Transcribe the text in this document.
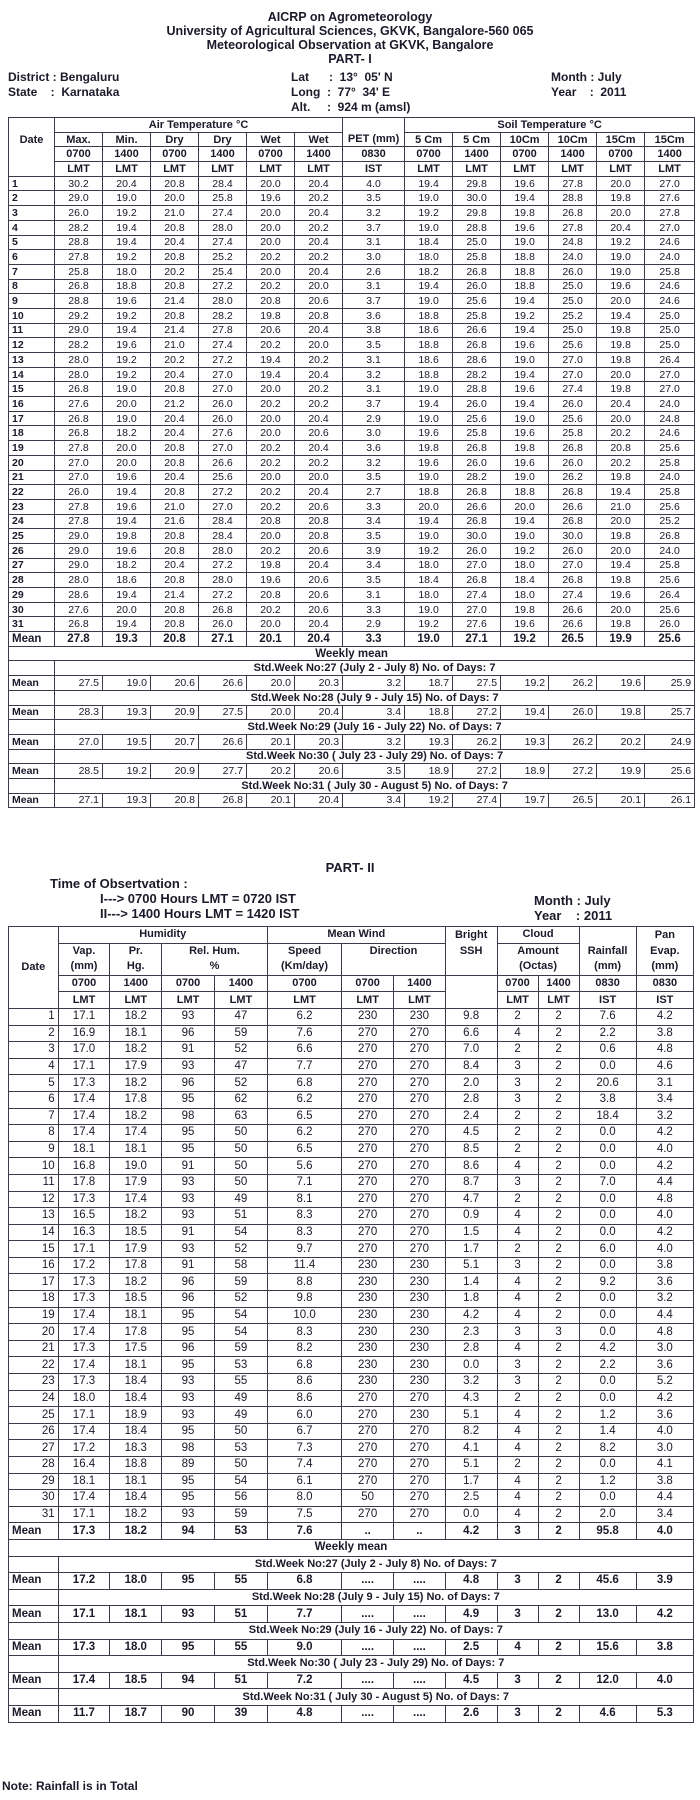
AICRP on Agrometeorology
University of Agricultural Sciences, GKVK, Bangalore-560 065
Meteorological Observation at GKVK, Bangalore
PART- I
District : Bengaluru
State    :  Karnataka
Lat      :  13°  05' N
Long  :  77°  34' E
Alt.     :  924 m (amsl)
Month : July
Year    :  2011
	Air Temperature °C							Soil Temperature °C					
Date	Max.	Min.	Dry	Dry	Wet	Wet	PET (mm)	5 Cm	5 Cm	10Cm	10Cm	15Cm	15Cm
	0700	1400	0700	1400	0700	1400	0830	0700	1400	0700	1400	0700	1400
	LMT	LMT	LMT	LMT	LMT	LMT	IST	LMT	LMT	LMT	LMT	LMT	LMT
1	30.2	20.4	20.8	28.4	20.0	20.4	4.0	19.4	29.8	19.6	27.8	20.0	27.0
2	29.0	19.0	20.0	25.8	19.6	20.2	3.5	19.0	30.0	19.4	28.8	19.8	27.6
3	26.0	19.2	21.0	27.4	20.0	20.4	3.2	19.2	29.8	19.8	26.8	20.0	27.8
4	28.2	19.4	20.8	28.0	20.0	20.2	3.7	19.0	28.8	19.6	27.8	20.4	27.0
5	28.8	19.4	20.4	27.4	20.0	20.4	3.1	18.4	25.0	19.0	24.8	19.2	24.6
6	27.8	19.2	20.8	25.2	20.2	20.2	3.0	18.0	25.8	18.8	24.0	19.0	24.0
7	25.8	18.0	20.2	25.4	20.0	20.4	2.6	18.2	26.8	18.8	26.0	19.0	25.8
8	26.8	18.8	20.8	27.2	20.2	20.0	3.1	19.4	26.0	18.8	25.0	19.6	24.6
9	28.8	19.6	21.4	28.0	20.8	20.6	3.7	19.0	25.6	19.4	25.0	20.0	24.6
10	29.2	19.2	20.8	28.2	19.8	20.8	3.6	18.8	25.8	19.2	25.2	19.4	25.0
11	29.0	19.4	21.4	27.8	20.6	20.4	3.8	18.6	26.6	19.4	25.0	19.8	25.0
12	28.2	19.6	21.0	27.4	20.2	20.0	3.5	18.8	26.8	19.6	25.6	19.8	25.0
13	28.0	19.2	20.2	27.2	19.4	20.2	3.1	18.6	28.6	19.0	27.0	19.8	26.4
14	28.0	19.2	20.4	27.0	19.4	20.4	3.2	18.8	28.2	19.4	27.0	20.0	27.0
15	26.8	19.0	20.8	27.0	20.0	20.2	3.1	19.0	28.8	19.6	27.4	19.8	27.0
16	27.6	20.0	21.2	26.0	20.2	20.2	3.7	19.4	26.0	19.4	26.0	20.4	24.0
17	26.8	19.0	20.4	26.0	20.0	20.4	2.9	19.0	25.6	19.0	25.6	20.0	24.8
18	26.8	18.2	20.4	27.6	20.0	20.6	3.0	19.6	25.8	19.6	25.8	20.2	24.6
19	27.8	20.0	20.8	27.0	20.2	20.4	3.6	19.8	26.8	19.8	26.8	20.8	25.6
20	27.0	20.0	20.8	26.6	20.2	20.2	3.2	19.6	26.0	19.6	26.0	20.2	25.8
21	27.0	19.6	20.4	25.6	20.0	20.0	3.5	19.0	28.2	19.0	26.2	19.8	24.0
22	26.0	19.4	20.8	27.2	20.2	20.4	2.7	18.8	26.8	18.8	26.8	19.4	25.8
23	27.8	19.6	21.0	27.0	20.2	20.6	3.3	20.0	26.6	20.0	26.6	21.0	25.6
24	27.8	19.4	21.6	28.4	20.8	20.8	3.4	19.4	26.8	19.4	26.8	20.0	25.2
25	29.0	19.8	20.8	28.4	20.0	20.8	3.5	19.0	30.0	19.0	30.0	19.8	26.8
26	29.0	19.6	20.8	28.0	20.2	20.6	3.9	19.2	26.0	19.2	26.0	20.0	24.0
27	29.0	18.2	20.4	27.2	19.8	20.4	3.4	18.0	27.0	18.0	27.0	19.4	25.8
28	28.0	18.6	20.8	28.0	19.6	20.6	3.5	18.4	26.8	18.4	26.8	19.8	25.6
29	28.6	19.4	21.4	27.2	20.8	20.6	3.1	18.0	27.4	18.0	27.4	19.6	26.4
30	27.6	20.0	20.8	26.8	20.2	20.6	3.3	19.0	27.0	19.8	26.6	20.0	25.6
31	26.8	19.4	20.8	26.0	20.0	20.4	2.9	19.2	27.6	19.6	26.6	19.8	26.0
Mean	27.8	19.3	20.8	27.1	20.1	20.4	3.3	19.0	27.1	19.2	26.5	19.9	25.6
Weekly mean													
	Std.Week No:27 (July 2 - July 8) No. of Days: 7												
Mean	27.5	19.0	20.6	26.6	20.0	20.3	3.2	18.7	27.5	19.2	26.2	19.6	25.9
	Std.Week No:28 (July 9 - July 15) No. of Days: 7												
Mean	28.3	19.3	20.9	27.5	20.0	20.4	3.4	18.8	27.2	19.4	26.0	19.8	25.7
	Std.Week No:29 (July 16 - July 22) No. of Days: 7												
Mean	27.0	19.5	20.7	26.6	20.1	20.3	3.2	19.3	26.2	19.3	26.2	20.2	24.9
	Std.Week No:30 ( July 23 - July 29) No. of Days: 7												
Mean	28.5	19.2	20.9	27.7	20.2	20.6	3.5	18.9	27.2	18.9	27.2	19.9	25.6
	Std.Week No:31 ( July 30 - August 5) No. of Days: 7												
Mean	27.1	19.3	20.8	26.8	20.1	20.4	3.4	19.2	27.4	19.7	26.5	20.1	26.1
PART- II
Time of Obsertvation :
I---> 0700 Hours LMT = 0720 IST
II---> 1400 Hours LMT = 1420 IST
Month : July
Year    : 2011
	Humidity				Mean Wind			Bright	Cloud			Pan
	Vap.	Pr.	Rel. Hum.		Speed	Direction		SSH	Amount		Rainfall	Evap.
Date	(mm)	Hg.	%		(Km/day)				(Octas)		(mm)	(mm)
	0700	1400	0700	1400	0700	0700	1400		0700	1400	0830	0830
	LMT	LMT	LMT	LMT	LMT	LMT	LMT		LMT	LMT	IST	IST
1	17.1	18.2	93	47	6.2	230	230	9.8	2	2	7.6	4.2
2	16.9	18.1	96	59	7.6	270	270	6.6	4	2	2.2	3.8
3	17.0	18.2	91	52	6.6	270	270	7.0	2	2	0.6	4.8
4	17.1	17.9	93	47	7.7	270	270	8.4	3	2	0.0	4.6
5	17.3	18.2	96	52	6.8	270	270	2.0	3	2	20.6	3.1
6	17.4	17.8	95	62	6.2	270	270	2.8	3	2	3.8	3.4
7	17.4	18.2	98	63	6.5	270	270	2.4	2	2	18.4	3.2
8	17.4	17.4	95	50	6.2	270	270	4.5	2	2	0.0	4.2
9	18.1	18.1	95	50	6.5	270	270	8.5	2	2	0.0	4.0
10	16.8	19.0	91	50	5.6	270	270	8.6	4	2	0.0	4.2
11	17.8	17.9	93	50	7.1	270	270	8.7	3	2	7.0	4.4
12	17.3	17.4	93	49	8.1	270	270	4.7	2	2	0.0	4.8
13	16.5	18.2	93	51	8.3	270	270	0.9	4	2	0.0	4.0
14	16.3	18.5	91	54	8.3	270	270	1.5	4	2	0.0	4.2
15	17.1	17.9	93	52	9.7	270	270	1.7	2	2	6.0	4.0
16	17.2	17.8	91	58	11.4	230	230	5.1	3	2	0.0	3.8
17	17.3	18.2	96	59	8.8	230	230	1.4	4	2	9.2	3.6
18	17.3	18.5	96	52	9.8	230	230	1.8	4	2	0.0	3.2
19	17.4	18.1	95	54	10.0	230	230	4.2	4	2	0.0	4.4
20	17.4	17.8	95	54	8.3	230	230	2.3	3	3	0.0	4.8
21	17.3	17.5	96	59	8.2	230	230	2.8	4	2	4.2	3.0
22	17.4	18.1	95	53	6.8	230	230	0.0	3	2	2.2	3.6
23	17.3	18.4	93	55	8.6	230	230	3.2	3	2	0.0	5.2
24	18.0	18.4	93	49	8.6	270	270	4.3	2	2	0.0	4.2
25	17.1	18.9	93	49	6.0	270	230	5.1	4	2	1.2	3.6
26	17.4	18.4	95	50	6.7	270	270	8.2	4	2	1.4	4.0
27	17.2	18.3	98	53	7.3	270	270	4.1	4	2	8.2	3.0
28	16.4	18.8	89	50	7.4	270	270	5.1	2	2	0.0	4.1
29	18.1	18.1	95	54	6.1	270	270	1.7	4	2	1.2	3.8
30	17.4	18.4	95	56	8.0	50	270	2.5	4	2	0.0	4.4
31	17.1	18.2	93	59	7.5	270	270	0.0	4	2	2.0	3.4
Mean	17.3	18.2	94	53	7.6	..	..	4.2	3	2	95.8	4.0
Weekly mean												
	Std.Week No:27 (July 2 - July 8) No. of Days: 7											
Mean	17.2	18.0	95	55	6.8	....	....	4.8	3	2	45.6	3.9
	Std.Week No:28 (July 9 - July 15) No. of Days: 7											
Mean	17.1	18.1	93	51	7.7	....	....	4.9	3	2	13.0	4.2
	Std.Week No:29 (July 16 - July 22) No. of Days: 7											
Mean	17.3	18.0	95	55	9.0	....	....	2.5	4	2	15.6	3.8
	Std.Week No:30 ( July 23 - July 29) No. of Days: 7											
Mean	17.4	18.5	94	51	7.2	....	....	4.5	3	2	12.0	4.0
	Std.Week No:31 ( July 30 - August 5) No. of Days: 7											
Mean	11.7	18.7	90	39	4.8	....	....	2.6	3	2	4.6	5.3
Note: Rainfall is in Total
